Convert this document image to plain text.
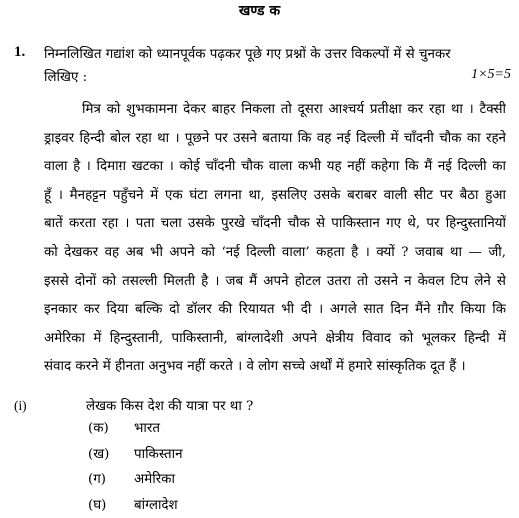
खण्ड क
1. निम्नलिखित गद्यांश को ध्यानपूर्वक पढ़कर पूछे गए प्रश्नों के उत्तर विकल्पों में से चुनकर
लिखिए :	1×5=5
मित्र को शुभकामना देकर बाहर निकला तो दूसरा आश्चर्य प्रतीक्षा कर रहा था । टैक्सी
ड्राइवर हिन्दी बोल रहा था । पूछने पर उसने बताया कि वह नई दिल्ली में चाँदनी चौक का रहने
वाला है । दिमाग़ खटका । कोई चाँदनी चौक वाला कभी यह नहीं कहेगा कि मैं नई दिल्ली का
हूँ । मैनहट्टन पहुँचने में एक घंटा लगना था, इसलिए उसके बराबर वाली सीट पर बैठा हुआ
बातें करता रहा । पता चला उसके पुरखे चाँदनी चौक से पाकिस्तान गए थे, पर हिन्दुस्तानियों
को देखकर वह अब भी अपने को ‘नई दिल्ली वाला’ कहता है । क्यों ? जवाब था — जी,
इससे दोनों को तसल्ली मिलती है । जब मैं अपने होटल उतरा तो उसने न केवल टिप लेने से
इनकार कर दिया बल्कि दो डॉलर की रियायत भी दी । अगले सात दिन मैंने ग़ौर किया कि
अमेरिका में हिन्दुस्तानी, पाकिस्तानी, बांग्लादेशी अपने क्षेत्रीय विवाद को भूलकर हिन्दी में
संवाद करने में हीनता अनुभव नहीं करते । वे लोग सच्चे अर्थों में हमारे सांस्कृतिक दूत हैं ।
(i)	लेखक किस देश की यात्रा पर था ?
(क) भारत
(ख) पाकिस्तान
(ग) अमेरिका
(घ) बांग्लादेश
